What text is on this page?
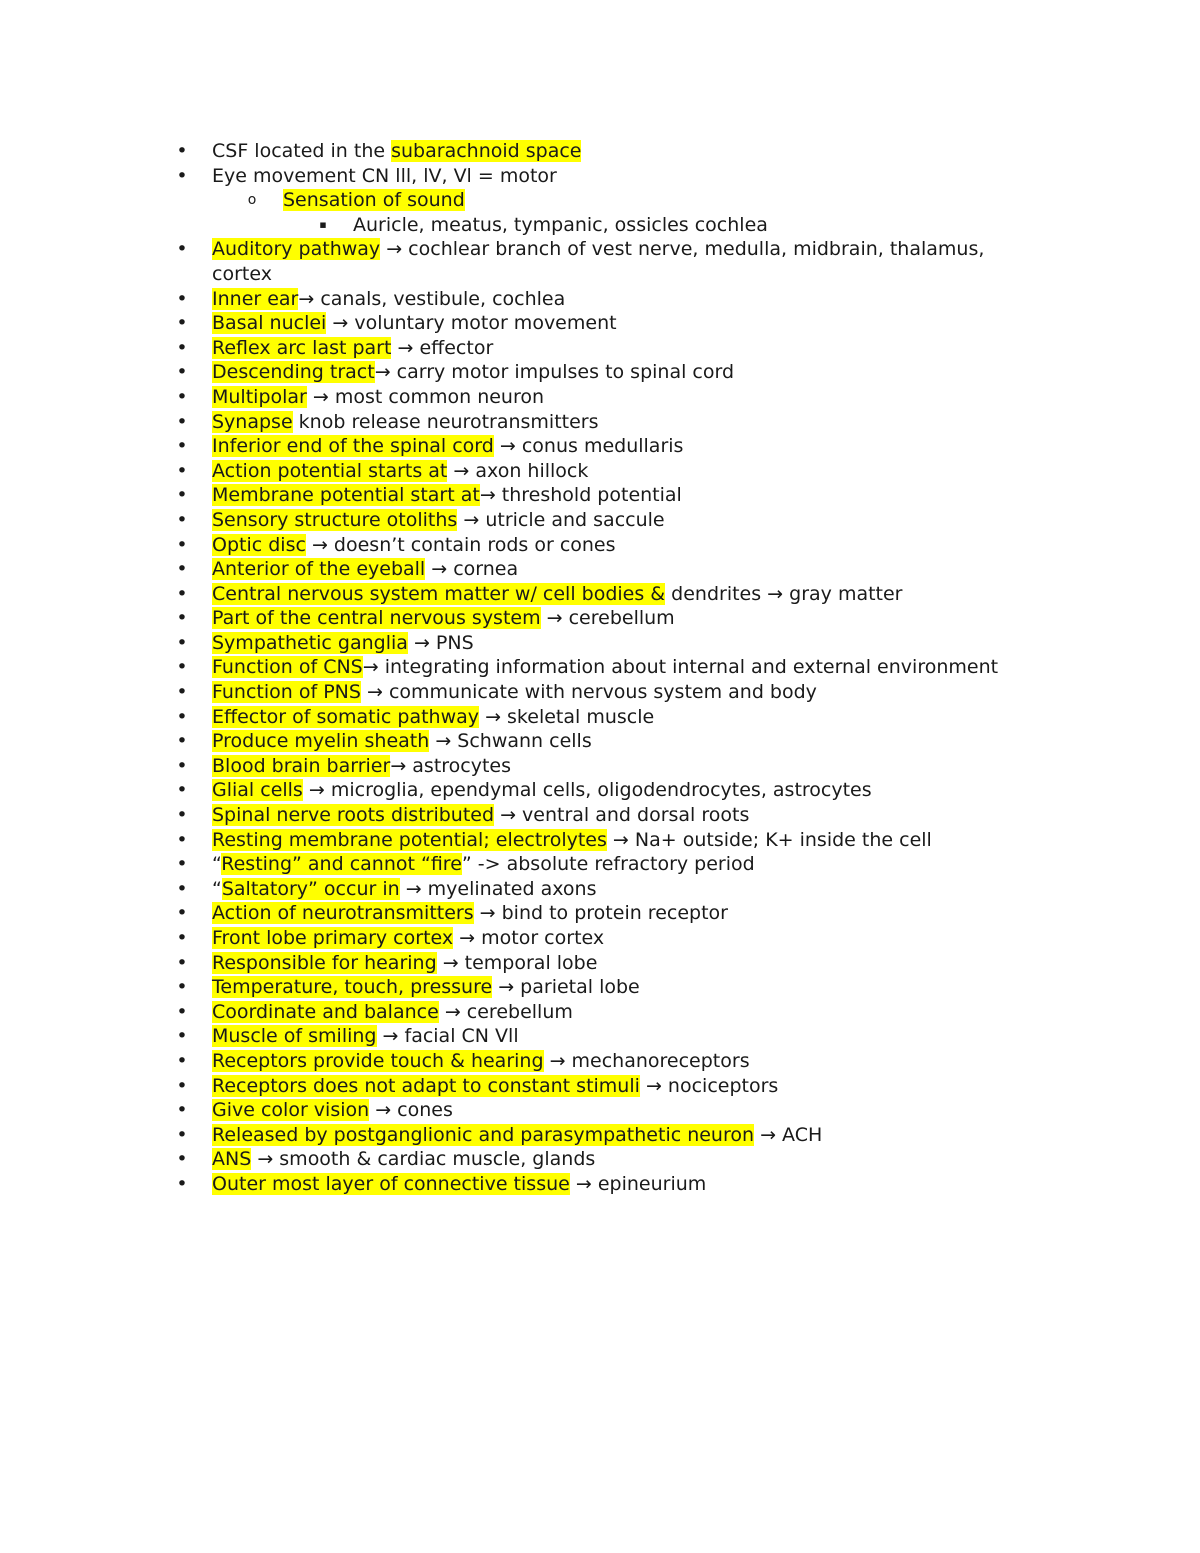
• CSF located in the subarachnoid space
• Eye movement CN lll, lV, Vl = motor
o Sensation of sound
▪ Auricle, meatus, tympanic, ossicles cochlea
• Auditory pathway → cochlear branch of vest nerve, medulla, midbrain, thalamus, cortex
• Inner ear→ canals, vestibule, cochlea
• Basal nuclei → voluntary motor movement
• Reflex arc last part → effector
• Descending tract→ carry motor impulses to spinal cord
• Multipolar → most common neuron
• Synapse knob release neurotransmitters
• Inferior end of the spinal cord → conus medullaris
• Action potential starts at → axon hillock
• Membrane potential start at→ threshold potential
• Sensory structure otoliths → utricle and saccule
• Optic disc → doesn’t contain rods or cones
• Anterior of the eyeball → cornea
• Central nervous system matter w/ cell bodies & dendrites → gray matter
• Part of the central nervous system → cerebellum
• Sympathetic ganglia → PNS
• Function of CNS→ integrating information about internal and external environment
• Function of PNS → communicate with nervous system and body
• Effector of somatic pathway → skeletal muscle
• Produce myelin sheath → Schwann cells
• Blood brain barrier→ astrocytes
• Glial cells → microglia, ependymal cells, oligodendrocytes, astrocytes
• Spinal nerve roots distributed → ventral and dorsal roots
• Resting membrane potential; electrolytes → Na+ outside; K+ inside the cell
• “Resting” and cannot “fire” -> absolute refractory period
• “Saltatory” occur in → myelinated axons
• Action of neurotransmitters → bind to protein receptor
• Front lobe primary cortex → motor cortex
• Responsible for hearing → temporal lobe
• Temperature, touch, pressure → parietal lobe
• Coordinate and balance → cerebellum
• Muscle of smiling → facial CN Vll
• Receptors provide touch & hearing → mechanoreceptors
• Receptors does not adapt to constant stimuli → nociceptors
• Give color vision → cones
• Released by postganglionic and parasympathetic neuron → ACH
• ANS → smooth & cardiac muscle, glands
• Outer most layer of connective tissue → epineurium
